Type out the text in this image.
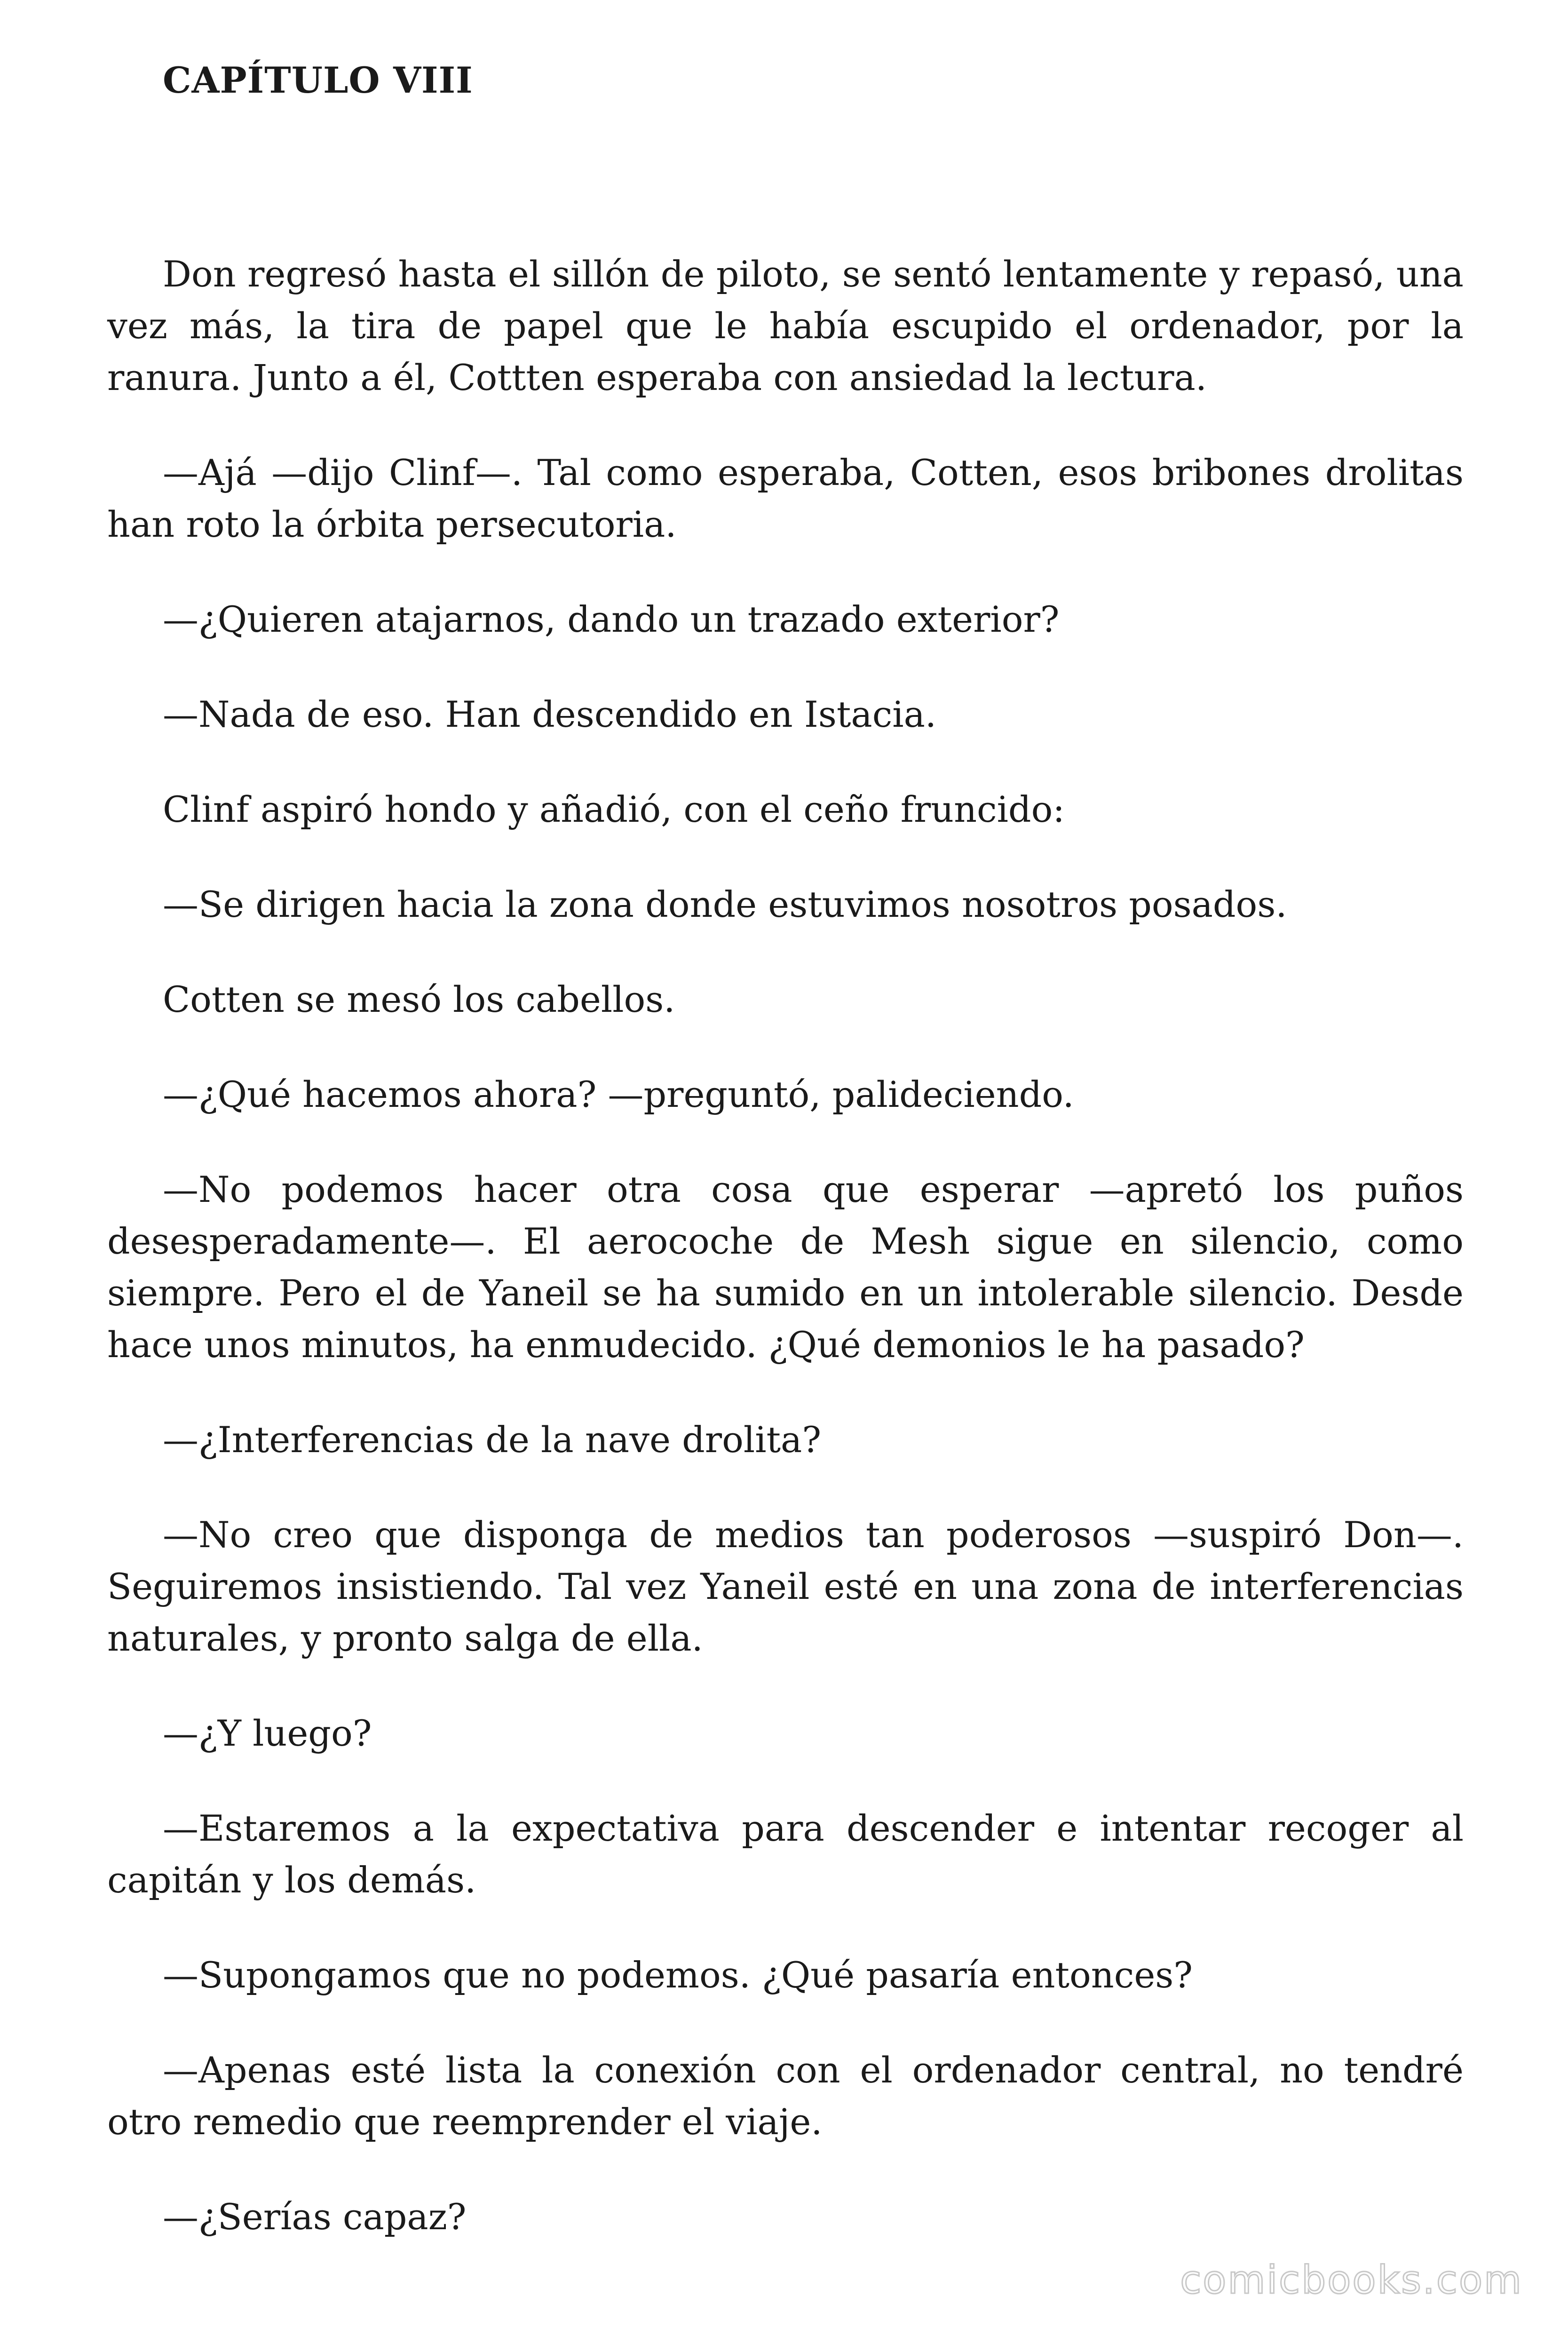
CAPÍTULO VIII

Don regresó hasta el sillón de piloto, se sentó lentamente y repasó, una vez más, la tira de papel que le había escupido el ordenador, por la ranura. Junto a él, Cottten esperaba con ansiedad la lectura.

—Ajá —dijo Clinf—. Tal como esperaba, Cotten, esos bribones drolitas han roto la órbita persecutoria.

—¿Quieren atajarnos, dando un trazado exterior?

—Nada de eso. Han descendido en Istacia.

Clinf aspiró hondo y añadió, con el ceño fruncido:

—Se dirigen hacia la zona donde estuvimos nosotros posados.

Cotten se mesó los cabellos.

—¿Qué hacemos ahora? —preguntó, palideciendo.

—No podemos hacer otra cosa que esperar —apretó los puños desesperadamente—. El aerocoche de Mesh sigue en silencio, como siempre. Pero el de Yaneil se ha sumido en un intolerable silencio. Desde hace unos minutos, ha enmudecido. ¿Qué demonios le ha pasado?

—¿Interferencias de la nave drolita?

—No creo que disponga de medios tan poderosos —suspiró Don—. Seguiremos insistiendo. Tal vez Yaneil esté en una zona de interferencias naturales, y pronto salga de ella.

—¿Y luego?

—Estaremos a la expectativa para descender e intentar recoger al capitán y los demás.

—Supongamos que no podemos. ¿Qué pasaría entonces?

—Apenas esté lista la conexión con el ordenador central, no tendré otro remedio que reemprender el viaje.

—¿Serías capaz?

comicbooks.com
